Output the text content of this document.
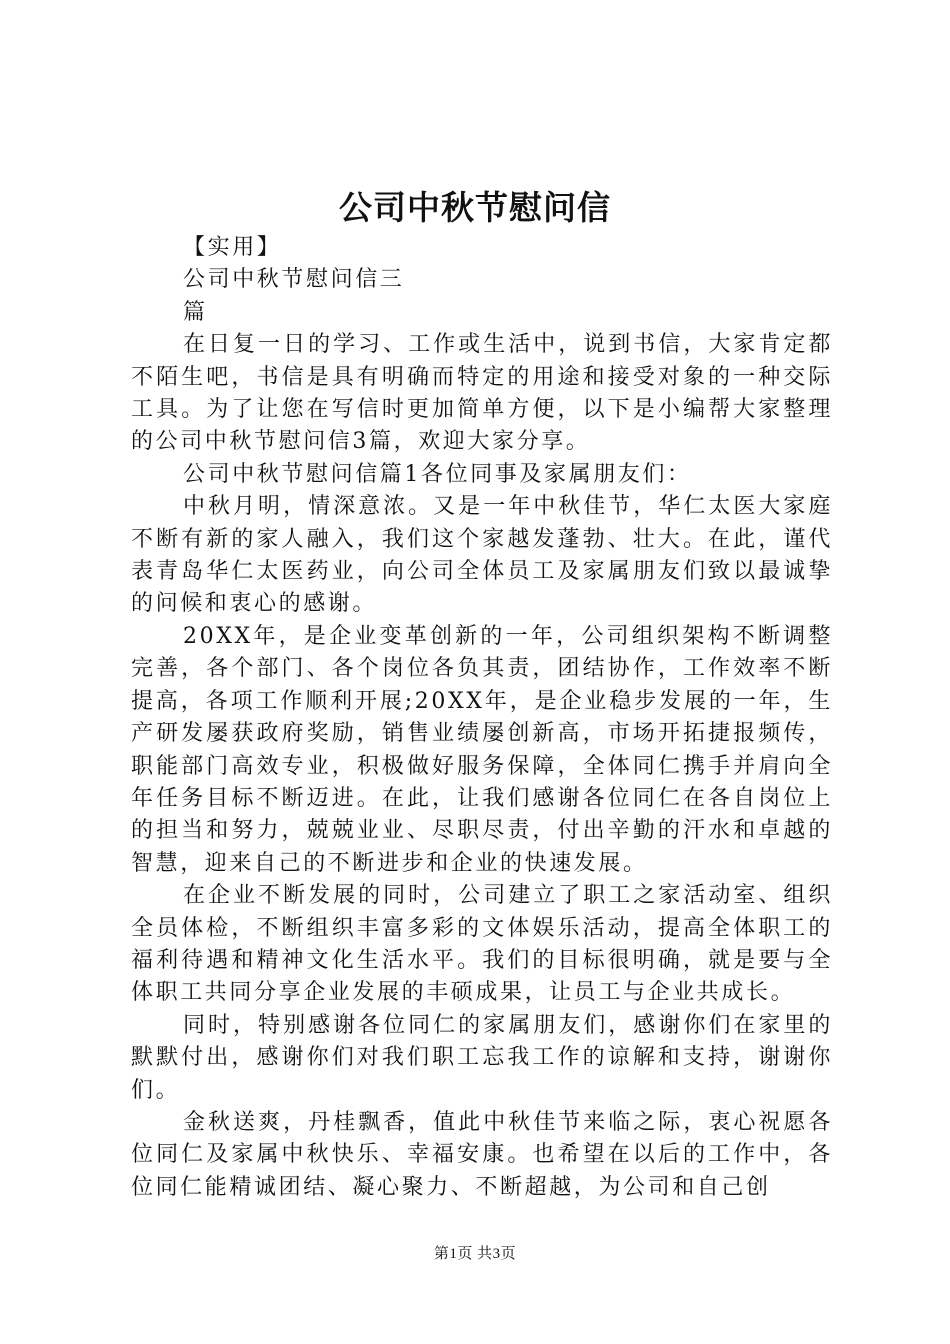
公司中秋节慰问信

【实用】

公司中秋节慰问信三

篇

在日复一日的学习、工作或生活中，说到书信，大家肯定都不陌生吧，书信是具有明确而特定的用途和接受对象的一种交际工具。为了让您在写信时更加简单方便，以下是小编帮大家整理的公司中秋节慰问信3篇，欢迎大家分享。

公司中秋节慰问信篇1各位同事及家属朋友们：

中秋月明，情深意浓。又是一年中秋佳节，华仁太医大家庭不断有新的家人融入，我们这个家越发蓬勃、壮大。在此，谨代表青岛华仁太医药业，向公司全体员工及家属朋友们致以最诚挚的问候和衷心的感谢。

20XX年，是企业变革创新的一年，公司组织架构不断调整完善，各个部门、各个岗位各负其责，团结协作，工作效率不断提高，各项工作顺利开展;20XX年，是企业稳步发展的一年，生产研发屡获政府奖励，销售业绩屡创新高，市场开拓捷报频传，职能部门高效专业，积极做好服务保障，全体同仁携手并肩向全年任务目标不断迈进。在此，让我们感谢各位同仁在各自岗位上的担当和努力，兢兢业业、尽职尽责，付出辛勤的汗水和卓越的智慧，迎来自己的不断进步和企业的快速发展。

在企业不断发展的同时，公司建立了职工之家活动室、组织全员体检，不断组织丰富多彩的文体娱乐活动，提高全体职工的福利待遇和精神文化生活水平。我们的目标很明确，就是要与全体职工共同分享企业发展的丰硕成果，让员工与企业共成长。

同时，特别感谢各位同仁的家属朋友们，感谢你们在家里的默默付出，感谢你们对我们职工忘我工作的谅解和支持，谢谢你们。

金秋送爽，丹桂飘香，值此中秋佳节来临之际，衷心祝愿各位同仁及家属中秋快乐、幸福安康。也希望在以后的工作中，各位同仁能精诚团结、凝心聚力、不断超越，为公司和自己创

第1页 共3页
